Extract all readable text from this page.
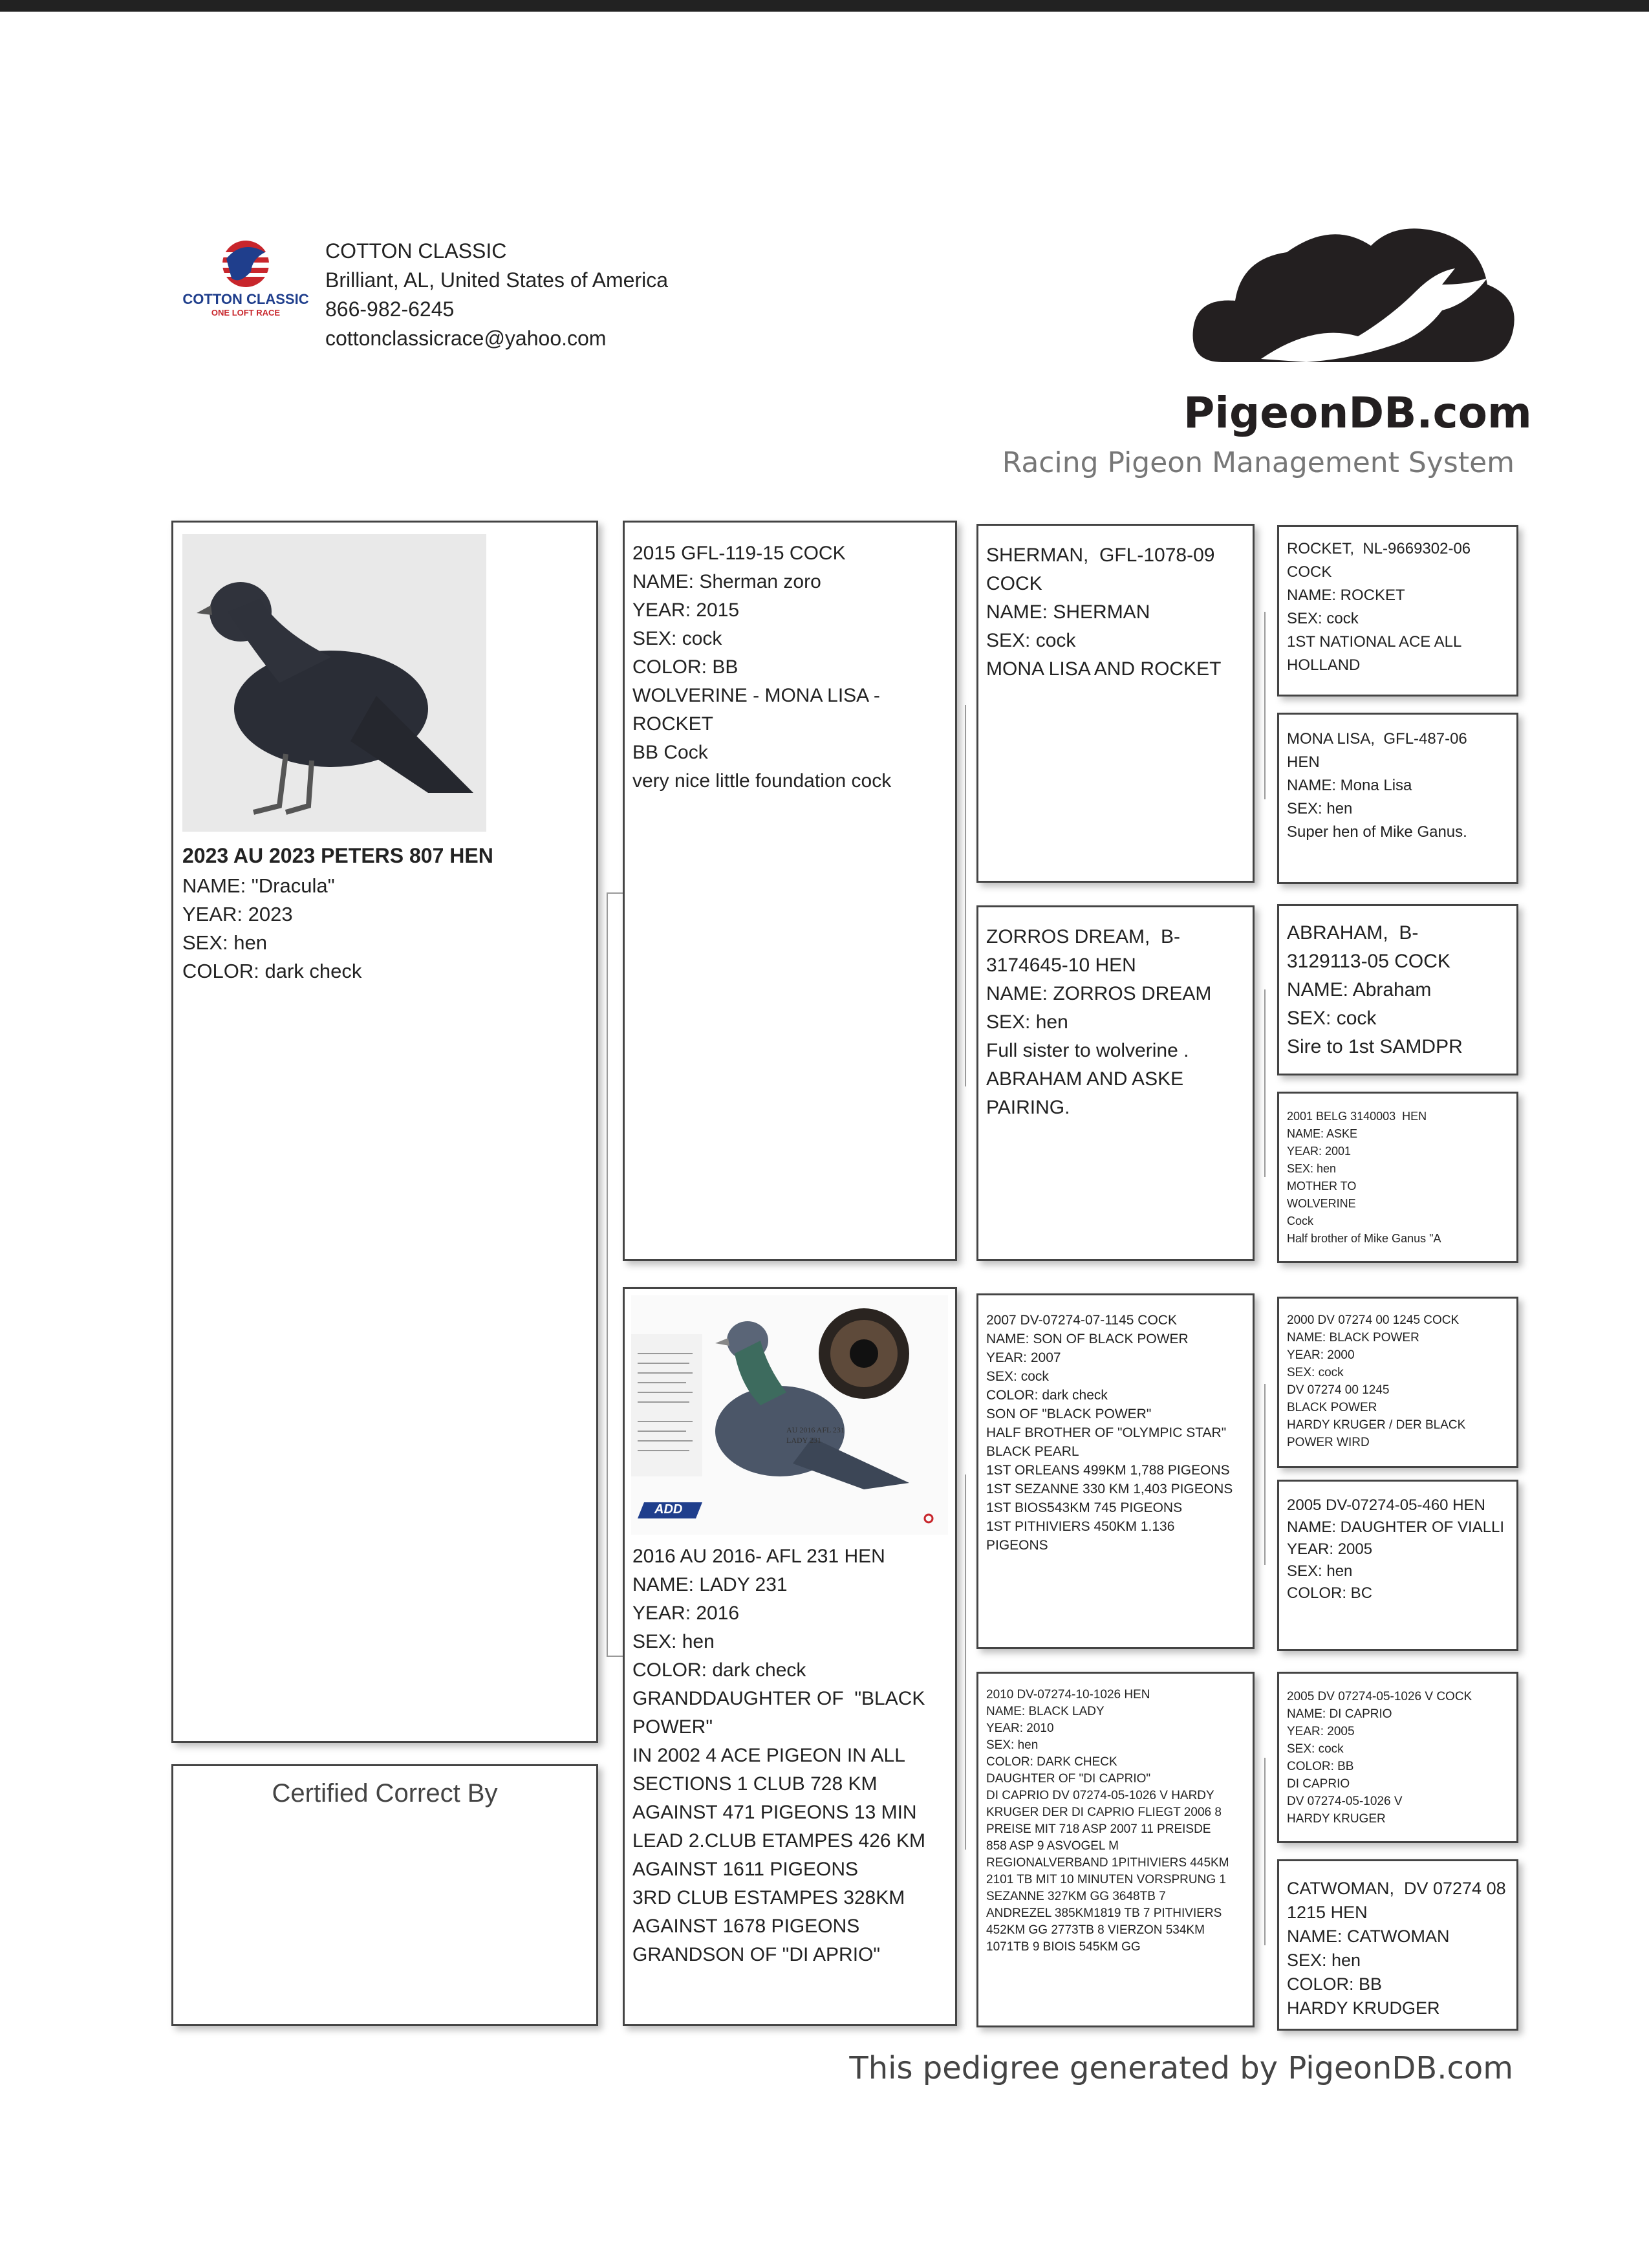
COTTON CLASSIC
ONE LOFT RACE
COTTON CLASSIC
Brilliant, AL, United States of America
866-982-6245
cottonclassicrace@yahoo.com
PigeonDB.com
Racing Pigeon Management System
2023 AU 2023 PETERS 807 HEN
NAME: "Dracula"
YEAR: 2023
SEX: hen
COLOR: dark check
Certified Correct By
2015 GFL-119-15 COCK
NAME: Sherman zoro
YEAR: 2015
SEX: cock
COLOR: BB
WOLVERINE - MONA LISA -
ROCKET
BB Cock
very nice little foundation cock
AU 2016 AFL 231
LADY 231
ADD
2016 AU 2016- AFL 231 HEN
NAME: LADY 231
YEAR: 2016
SEX: hen
COLOR: dark check
GRANDDAUGHTER OF  "BLACK
POWER"
IN 2002 4 ACE PIGEON IN ALL
SECTIONS 1 CLUB 728 KM
AGAINST 471 PIGEONS 13 MIN
LEAD 2.CLUB ETAMPES 426 KM
AGAINST 1611 PIGEONS
3RD CLUB ESTAMPES 328KM
AGAINST 1678 PIGEONS
GRANDSON OF "DI APRIO"
SHERMAN,  GFL-1078-09
COCK
NAME: SHERMAN
SEX: cock
MONA LISA AND ROCKET
ZORROS DREAM,  B-
3174645-10 HEN
NAME: ZORROS DREAM
SEX: hen
Full sister to wolverine .
ABRAHAM AND ASKE
PAIRING.
2007 DV-07274-07-1145 COCK
NAME: SON OF BLACK POWER
YEAR: 2007
SEX: cock
COLOR: dark check
SON OF "BLACK POWER"
HALF BROTHER OF "OLYMPIC STAR"
BLACK PEARL
1ST ORLEANS 499KM 1,788 PIGEONS
1ST SEZANNE 330 KM 1,403 PIGEONS
1ST BIOS543KM 745 PIGEONS
1ST PITHIVIERS 450KM 1.136
PIGEONS
2010 DV-07274-10-1026 HEN
NAME: BLACK LADY
YEAR: 2010
SEX: hen
COLOR: DARK CHECK
DAUGHTER OF "DI CAPRIO"
DI CAPRIO DV 07274-05-1026 V HARDY
KRUGER DER DI CAPRIO FLIEGT 2006 8
PREISE MIT 718 ASP 2007 11 PREISDE
858 ASP 9 ASVOGEL M
REGIONALVERBAND 1PITHIVIERS 445KM
2101 TB MIT 10 MINUTEN VORSPRUNG 1
SEZANNE 327KM GG 3648TB 7
ANDREZEL 385KM1819 TB 7 PITHIVIERS
452KM GG 2773TB 8 VIERZON 534KM
1071TB 9 BIOIS 545KM GG
ROCKET,  NL-9669302-06
COCK
NAME: ROCKET
SEX: cock
1ST NATIONAL ACE ALL
HOLLAND
MONA LISA,  GFL-487-06
HEN
NAME: Mona Lisa
SEX: hen
Super hen of Mike Ganus.
ABRAHAM,  B-
3129113-05 COCK
NAME: Abraham
SEX: cock
Sire to 1st SAMDPR
2001 BELG 3140003  HEN
NAME: ASKE
YEAR: 2001
SEX: hen
MOTHER TO
WOLVERINE
Cock
Half brother of Mike Ganus "A
2000 DV 07274 00 1245 COCK
NAME: BLACK POWER
YEAR: 2000
SEX: cock
DV 07274 00 1245
BLACK POWER
HARDY KRUGER / DER BLACK
POWER WIRD
2005 DV-07274-05-460 HEN
NAME: DAUGHTER OF VIALLI
YEAR: 2005
SEX: hen
COLOR: BC
2005 DV 07274-05-1026 V COCK
NAME: DI CAPRIO
YEAR: 2005
SEX: cock
COLOR: BB
DI CAPRIO
DV 07274-05-1026 V
HARDY KRUGER
CATWOMAN,  DV 07274 08
1215 HEN
NAME: CATWOMAN
SEX: hen
COLOR: BB
HARDY KRUDGER
This pedigree generated by PigeonDB.com
